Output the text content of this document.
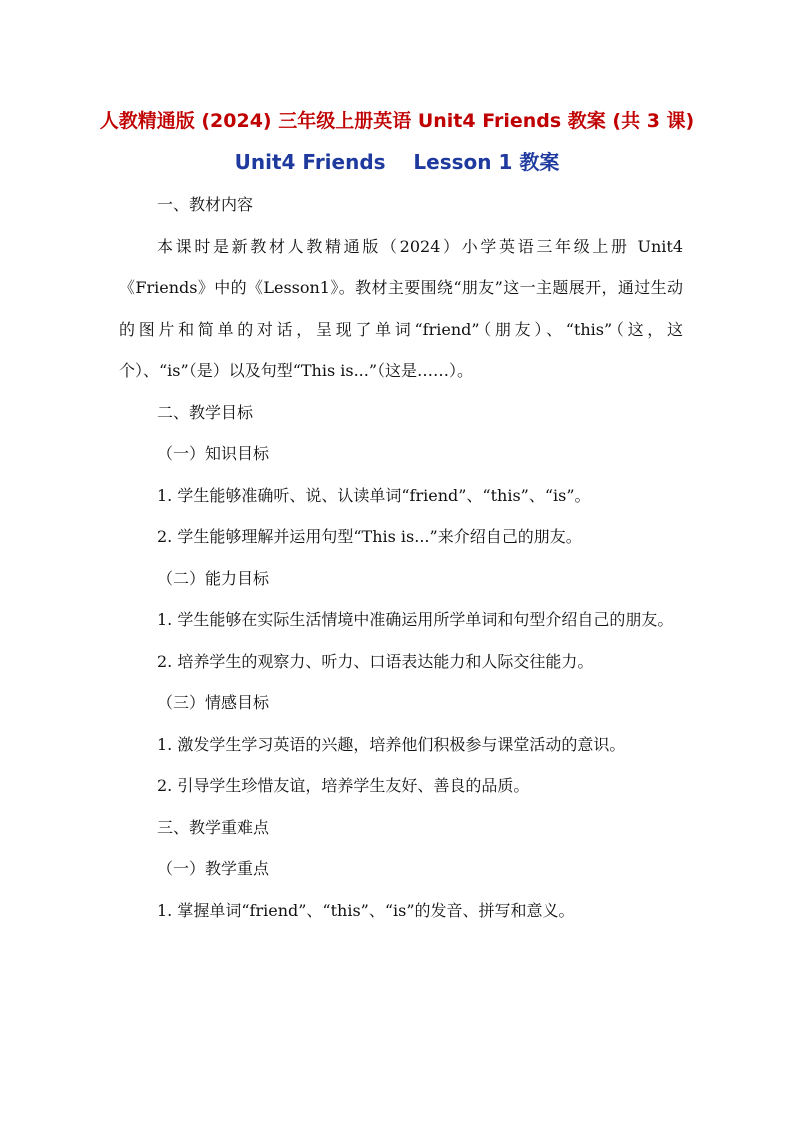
人教精通版 (2024) 三年级上册英语 Unit4 Friends 教案 (共 3 课)
Unit4 Friends    Lesson 1 教案

一、教材内容

本课时是新教材人教精通版（2024）小学英语三年级上册 Unit4《Friends》中的《Lesson1》。教材主要围绕“朋友”这一主题展开，通过生动的图片和简单的对话，呈现了单词“friend”（朋友）、“this”（这，这个）、“is”（是）以及句型“This is...”（这是……）。

二、教学目标

（一）知识目标

1. 学生能够准确听、说、认读单词“friend”、“this”、“is”。

2. 学生能够理解并运用句型“This is...”来介绍自己的朋友。

（二）能力目标

1. 学生能够在实际生活情境中准确运用所学单词和句型介绍自己的朋友。

2. 培养学生的观察力、听力、口语表达能力和人际交往能力。

（三）情感目标

1. 激发学生学习英语的兴趣，培养他们积极参与课堂活动的意识。

2. 引导学生珍惜友谊，培养学生友好、善良的品质。

三、教学重难点

（一）教学重点

1. 掌握单词“friend”、“this”、“is”的发音、拼写和意义。
